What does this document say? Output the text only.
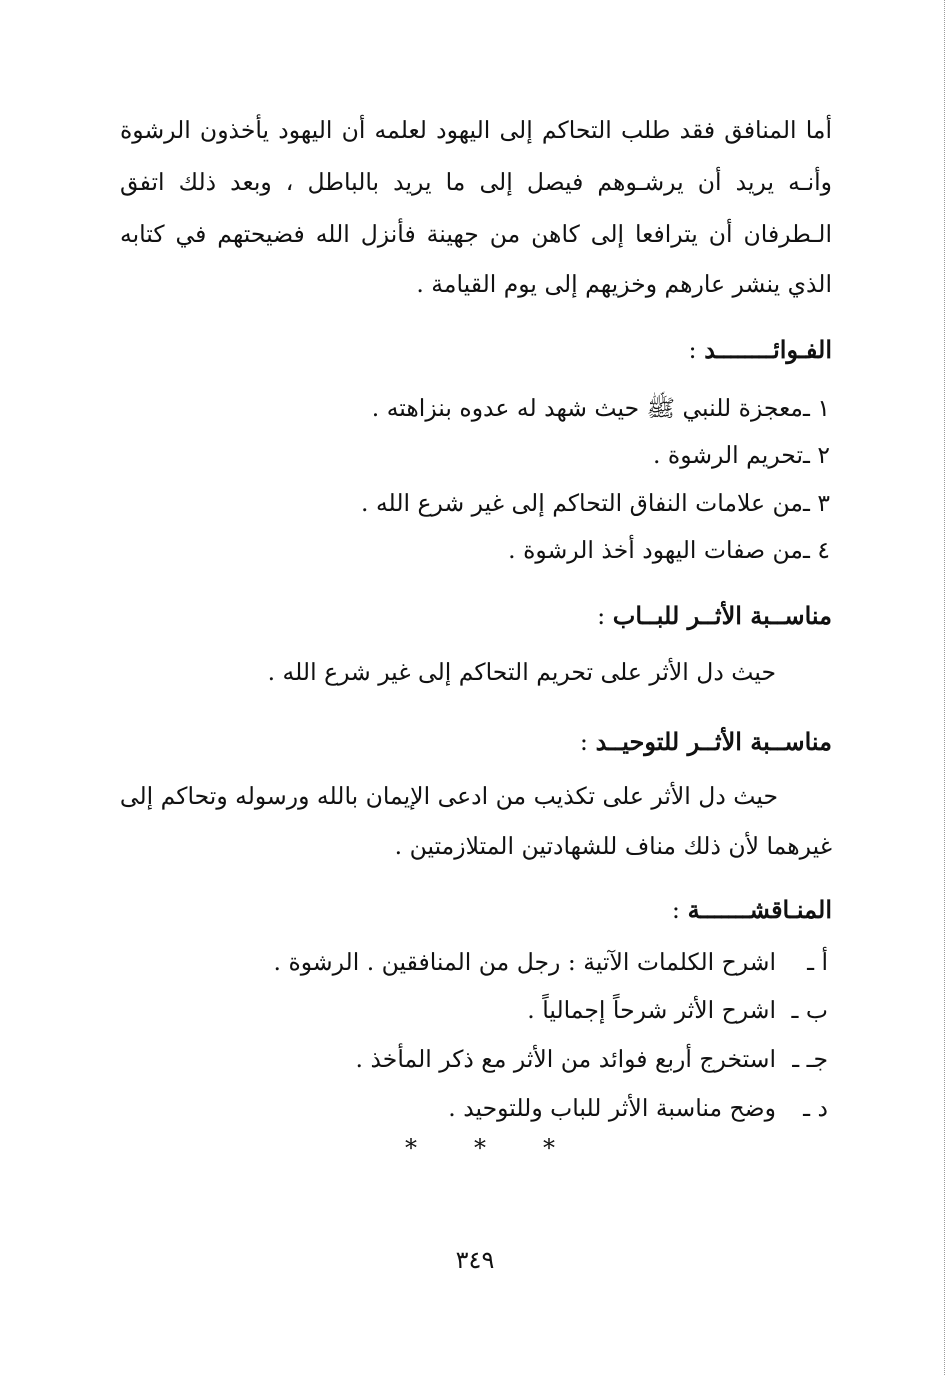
أما المنافق فقد طلب التحاكم إلى اليهود لعلمه أن اليهود يأخذون الرشوة
وأنـه يريد أن يرشـوهم فيصل إلى ما يريد بالباطل ، وبعد ذلك اتفق
الـطرفان أن يترافعا إلى كاهن من جهينة فأنزل الله فضيحتهم في كتابه
الذي ينشر عارهم وخزيهم إلى يوم القيامة .
الفـوائــــــــد :
١ ـمعجزة للنبي ﷺ حيث شهد له عدوه بنزاهته .
٢ ـتحريم الرشوة .
٣ ـمن علامات النفاق التحاكم إلى غير شرع الله .
٤ ـمن صفات اليهود أخذ الرشوة .
مناســبة الأثــر للبــاب :
حيث دل الأثر على تحريم التحاكم إلى غير شرع الله .
مناســبة الأثــر للتوحيــد :
حيث دل الأثر على تكذيب من ادعى الإيمان بالله ورسوله وتحاكم إلى
غيرهما لأن ذلك مناف للشهادتين المتلازمتين .
المنـاقشـــــــة :
أ ـاشرح الكلمات الآتية : رجل من المنافقين . الرشوة .
ب ـاشرح الأثر شرحاً إجمالياً .
جـ ـاستخرج أربع فوائد من الأثر مع ذكر المأخذ .
د ـوضح مناسبة الأثر للباب وللتوحيد .
* * *
٣٤٩
